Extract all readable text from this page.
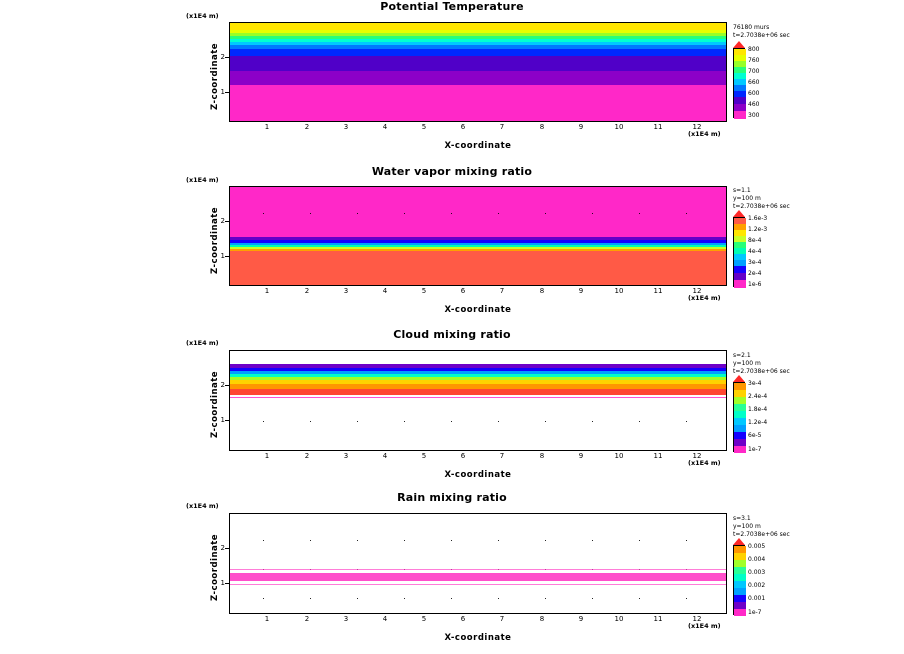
Potential Temperature
(x1E4 m)
Z-coordinate 1
2
1	2	3	4	5	6	7	8	9	10	11	12
X-coordinate
(x1E4 m)
76180 murs
t=2.7038e+06 sec
800
760
700
660
600
460
300
Water vapor mixing ratio
(x1E4 m)
Z-coordinate 1
2
1	2	3	4	5	6	7	8	9	10	11	12
X-coordinate
(x1E4 m)
s=1.1
y=100 m
t=2.7038e+06 sec
1.6e-3
1.2e-3
8e-4
4e-4
3e-4
2e-4
1e-6
Cloud mixing ratio
(x1E4 m)
Z-coordinate 1
2
1	2	3	4	5	6	7	8	9	10	11	12
X-coordinate
(x1E4 m)
s=2.1
y=100 m
t=2.7038e+06 sec
3e-4
2.4e-4
1.8e-4
1.2e-4
6e-5
1e-7
Rain mixing ratio
(x1E4 m)
Z-coordinate 1
2
1	2	3	4	5	6	7	8	9	10	11	12
X-coordinate
(x1E4 m)
s=3.1
y=100 m
t=2.7038e+06 sec
0.005
0.004
0.003
0.002
0.001
1e-7
